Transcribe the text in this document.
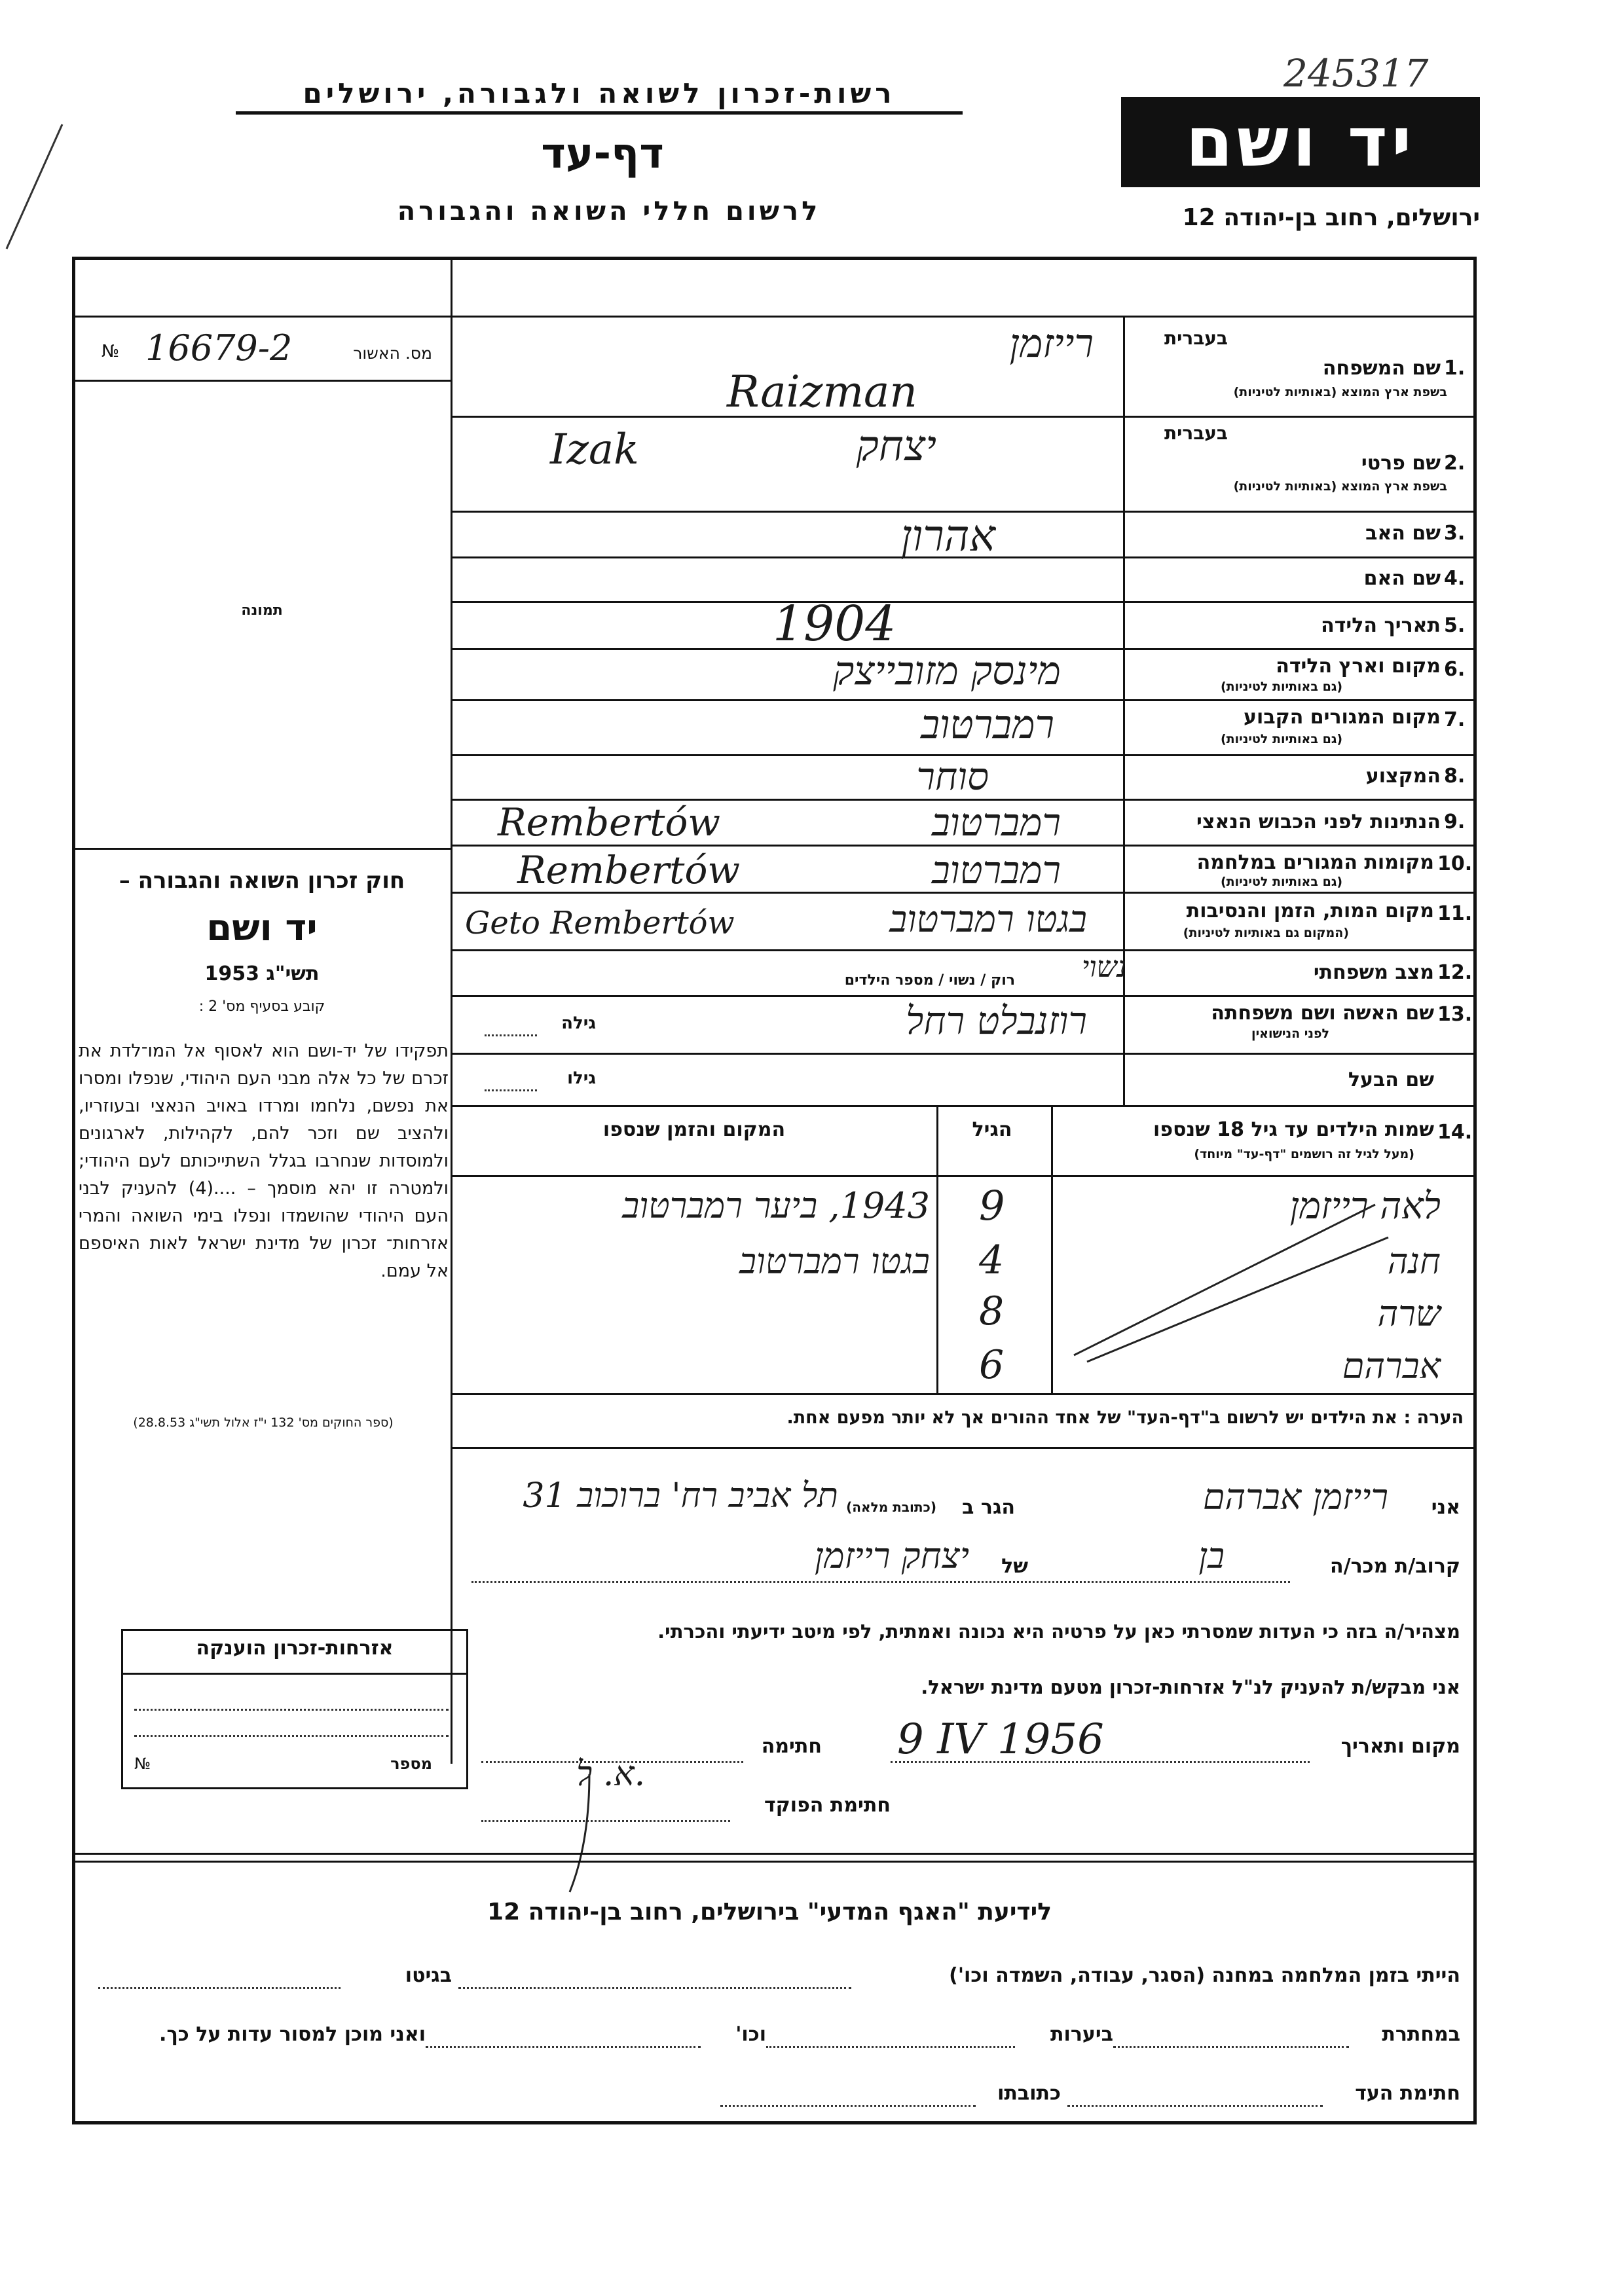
245317
רשות-זכרון לשואה ולגבורה, ירושלים
דף-עד
לרשום חללי השואה והגבורה
יד ושם
ירושלים, רחוב בן-יהודה 12
מס. האשור
№ 16679-2
תמונה
חוק זכרון השואה והגבורה –
יד ושם
תשי"ג 1953
קובע בסעיף מס' 2 :
תפקידו של יד-ושם הוא לאסוף אל המו־לדת את זכרם של כל אלה מבני העם היהודי, שנפלו ומסרו את נפשם, נלחמו ומרדו באויב הנאצי ובעוזריו, ולהציב שם וזכר להם, לקהילות, לארגונים ולמוסדות שנחרבו בגלל השתייכותם לעם היהודי; ולמטרה זו יהא מוסמך – ....(4) להעניק לבני העם היהודי שהושמדו ונפלו בימי השואה והמרי אזרחות־ זכרון של מדינת ישראל לאות האיספם אל עמם.
(ספר החוקים מס' 132 י"ז אלול תשי"ג 28.8.53)
1.
בעברית
שם המשפחה
בשפת ארץ המוצא (באותיות לטיניות)
2.
בעברית
שם פרטי
בשפת ארץ המוצא (באותיות לטיניות)
3.
שם האב
4.
שם האם
5.
תאריך הלידה
6.
מקום וארץ הלידה
(גם באותיות לטיניות)
7.
מקום המגורים הקבוע
(גם באותיות לטיניות)
8.
המקצוע
9.
הנתינות לפני הכבוש הנאצי
10.
מקומות המגורים במלחמה
(גם באותיות לטיניות)
11.
מקום המות, הזמן והנסיבות
(המקום גם באותיות לטיניות)
12.
מצב משפחתי
רוק / נשוי / מספר הילדים
13.
שם האשה ושם משפחתה
לפני הנישואין
גילה
שם הבעל
גילו
רייזמן
Raizman
יצחק
Izak
אהרון
1904
מינסק מזובייצק
רמברטוב
סוחר
רמברטוב
Rembertów
רמברטוב
Rembertów
בגטו רמברטוב
Geto Rembertów
נשוי
רוזנבלט רחל
14.
שמות הילדים עד גיל 18 שנספו
(מעל לגיל זה רושמים "דף-עד" מיוחד)
הגיל
המקום והזמן שנספו
לאה רייזמן
9
1943, ביער רמברטוב
חנה
4
בגטו רמברטוב
שרה
8
אברהם
6
הערה : את הילדים יש לרשום ב"דף-העד" של אחד ההורים אך לא יותר מפעם אחת.
אני
רייזמן אברהם
הגר ב
(כתובת מלאה)
תל אביב רח' ברוכוב 31
קרוב/ת מכר/ה
בן
של
יצחק רייזמן
מצהיר/ה בזה כי העדות שמסרתי כאן על פרטיה היא נכונה ואמתית, לפי מיטב ידיעתי והכרתי.
אני מבקש/ת להעניק לנ"ל אזרחות-זכרון מטעם מדינת ישראל.
מקום ותאריך
9 IV 1956
חתימה
חתימת הפוקד
א. ל.
אזרחות-זכרון הוענקה
מספר
№
לידיעת "האגף המדעי" בירושלים, רחוב בן-יהודה 12
הייתי בזמן המלחמה במחנה (הסגר, עבודה, השמדה וכו')
בגיטו
במחתרת
ביערות
וכו'
ואני מוכן למסור עדות על כך.
חתימת העד
כתובתו
